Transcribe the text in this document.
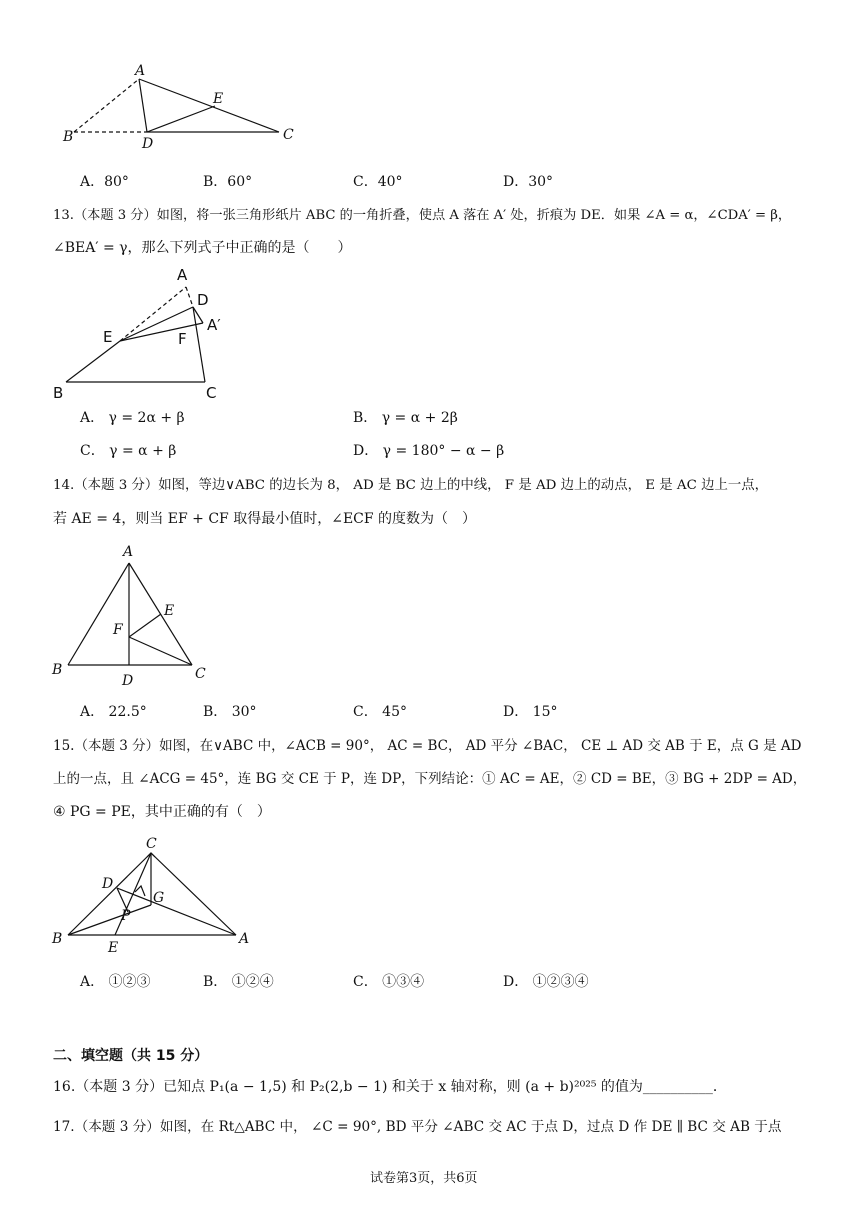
A
B	C
D
E
A．80°	B．60°	C．40°	D．30°
13.（本题 3 分）如图，将一张三角形纸片 ABC 的一角折叠，使点 A 落在 A′ 处，折痕为 DE．如果 ∠A = α，∠CDA′ = β，
∠BEA′ = γ，那么下列式子中正确的是（　　）
A
D
A′
E	F
B	C
A． γ = 2α + β	B． γ = α + 2β
C． γ = α + β	D． γ = 180° − α − β
14.（本题 3 分）如图，等边∨ABC 的边长为 8， AD 是 BC 边上的中线， F 是 AD 边上的动点， E 是 AC 边上一点，
若 AE = 4，则当 EF + CF 取得最小值时，∠ECF 的度数为（　）
A
B	C
D
E
F
A． 22.5°	B． 30°	C． 45°	D． 15°
15.（本题 3 分）如图，在∨ABC 中，∠ACB = 90°， AC = BC， AD 平分 ∠BAC， CE ⊥ AD 交 AB 于 E，点 G 是 AD
上的一点，且 ∠ACG = 45°，连 BG 交 CE 于 P，连 DP，下列结论：① AC = AE，② CD = BE，③ BG + 2DP = AD，
④ PG = PE，其中正确的有（　）
C
D
G
P
B	A
E
A． ①②③	B． ①②④	C． ①③④	D． ①②③④
二、填空题（共 15 分）
16.（本题 3 分）已知点 P₁(a − 1,5) 和 P₂(2,b − 1) 和关于 x 轴对称，则 (a + b)²⁰²⁵ 的值为__________．
17.（本题 3 分）如图，在 Rt△ABC 中， ∠C = 90°, BD 平分 ∠ABC 交 AC 于点 D，过点 D 作 DE ∥ BC 交 AB 于点
试卷第3页，共6页
